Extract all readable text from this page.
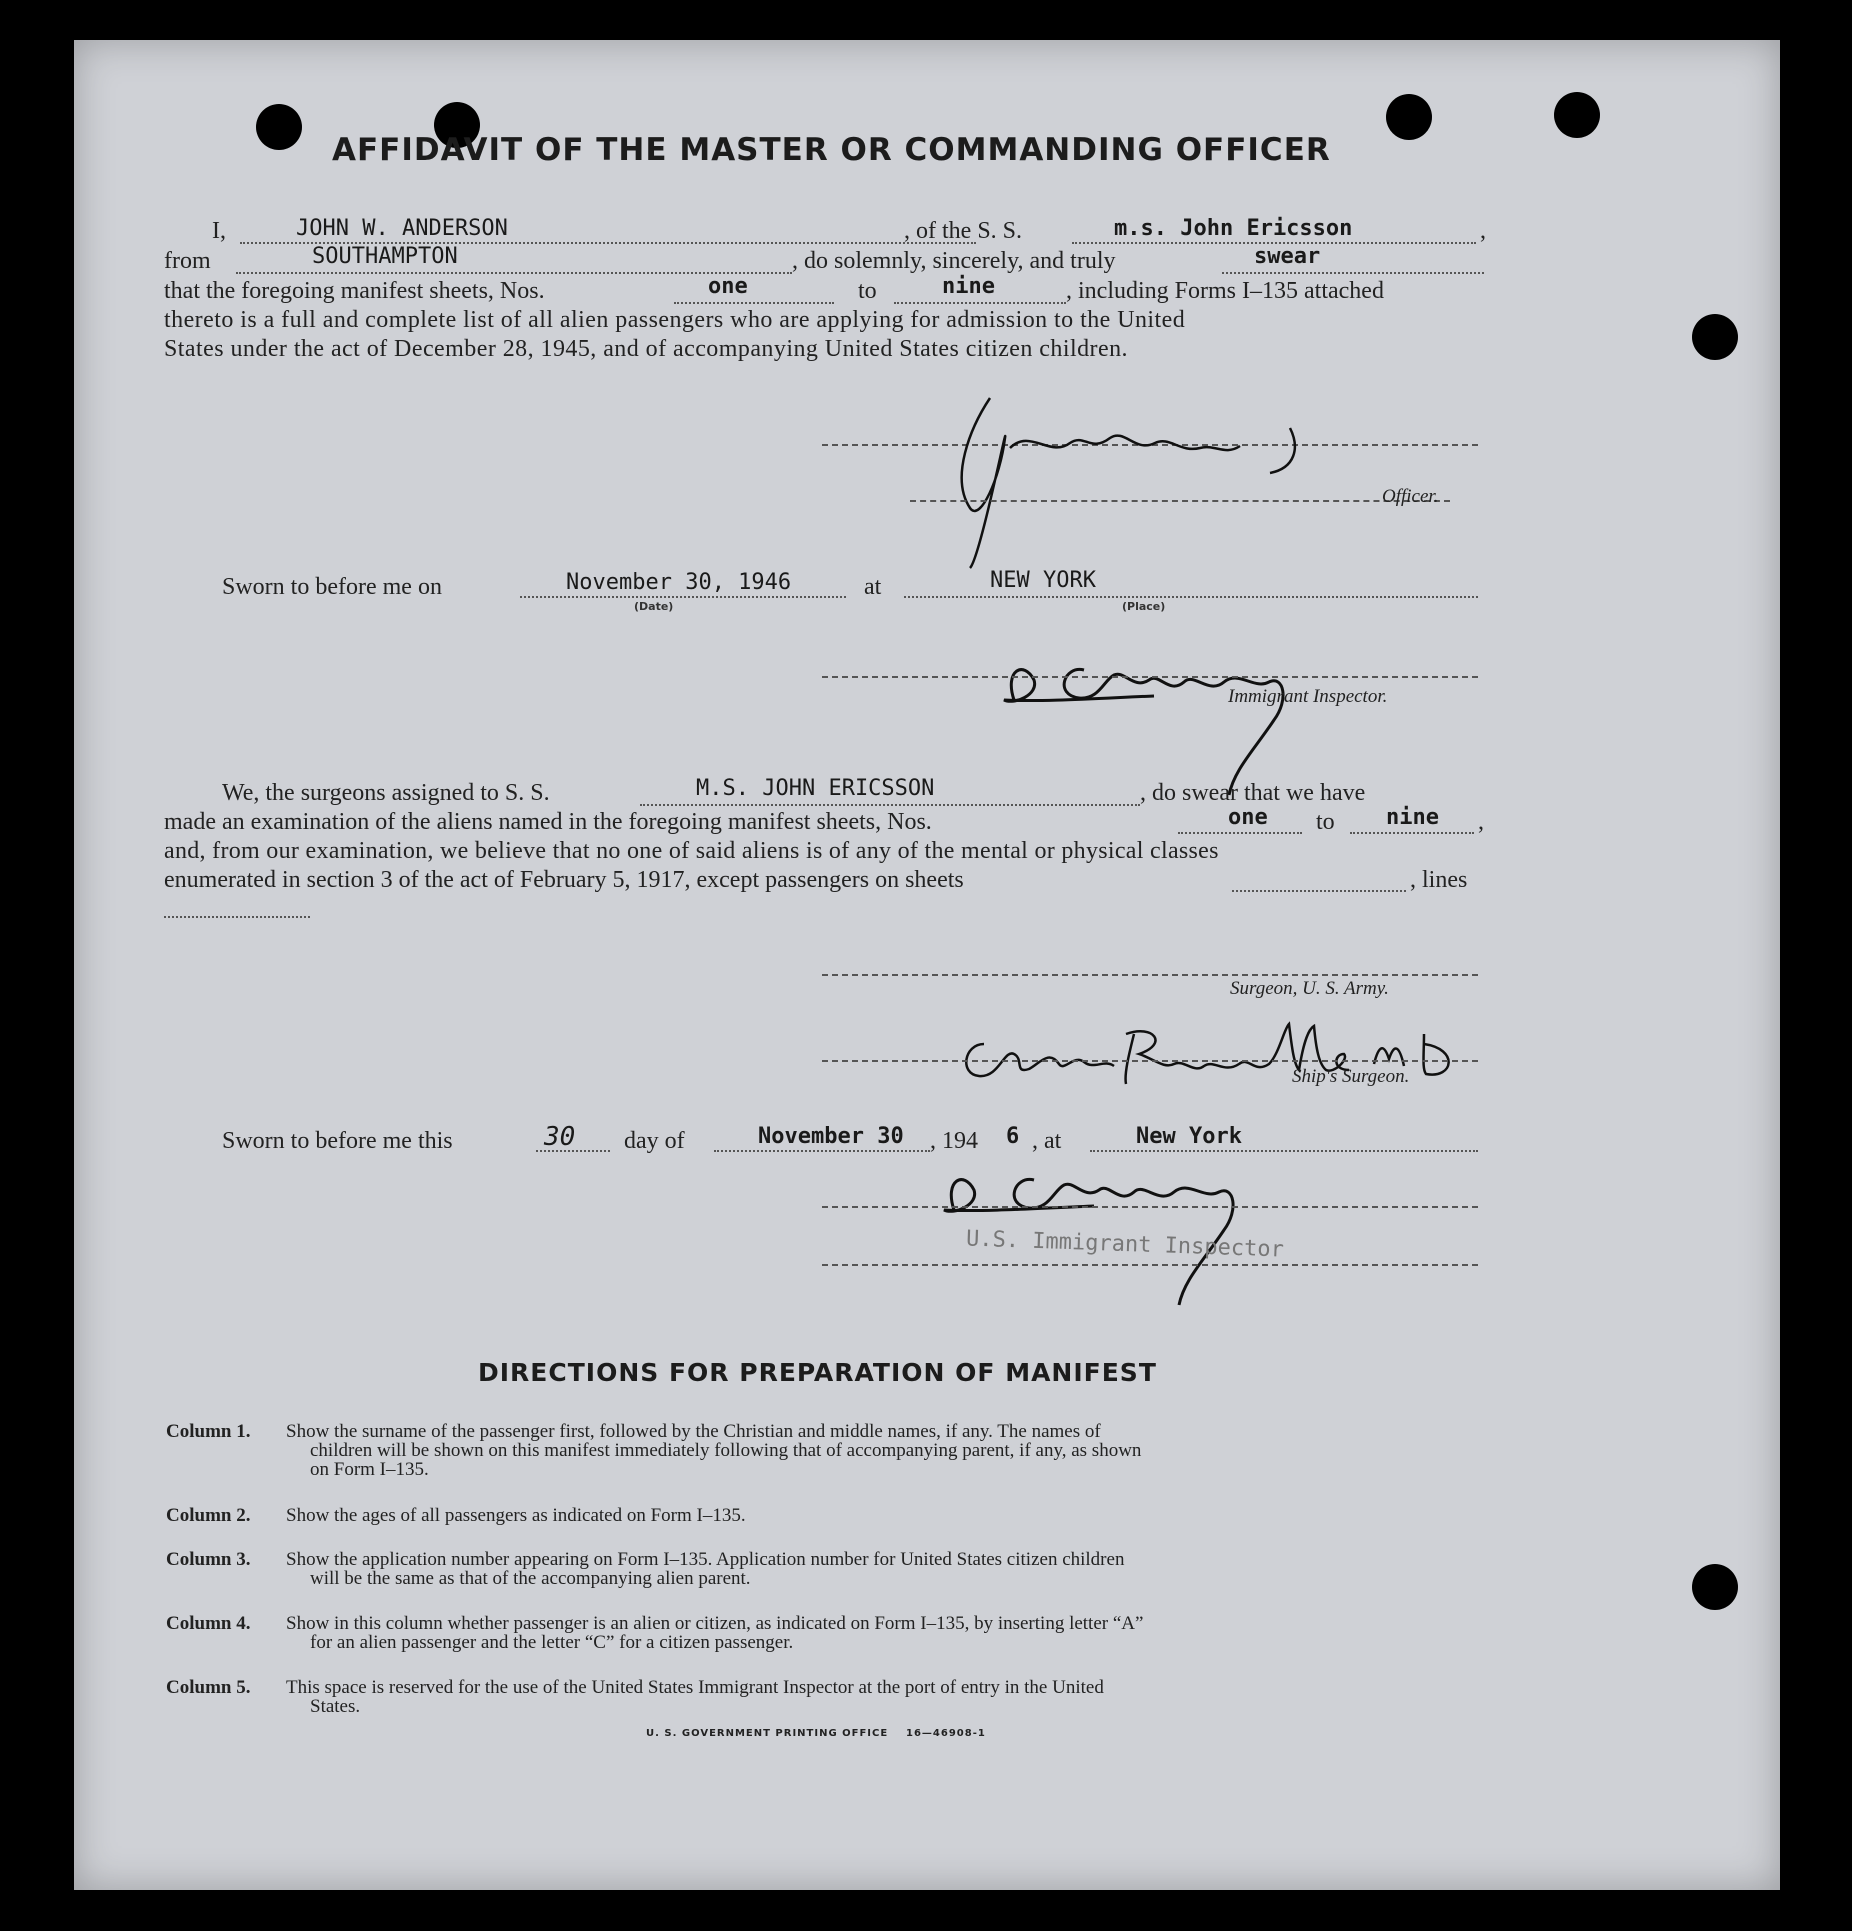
AFFIDAVIT OF THE MASTER OR COMMANDING OFFICER
I,	JOHN W. ANDERSON	, of the S. S.	m.s. John Ericsson	,
from	SOUTHAMPTON	, do solemnly, sincerely, and truly	swear
that the foregoing manifest sheets, Nos.	one	to	nine	, including Forms I–135 attached
thereto is a full and complete list of all alien passengers who are applying for admission to the United
States under the act of December 28, 1945, and of accompanying United States citizen children.
Officer.
Sworn to before me on	November 30, 1946
(Date)
at	NEW YORK
(Place)
Immigrant Inspector.
We, the surgeons assigned to S. S.	M.S. JOHN ERICSSON	, do swear that we have
made an examination of the aliens named in the foregoing manifest sheets, Nos.	one to nine ,
and, from our examination, we believe that no one of said aliens is of any of the mental or physical classes
enumerated in section 3 of the act of February 5, 1917, except passengers on sheets	, lines
Surgeon, U. S. Army.
Ship's Surgeon.
Sworn to before me this	30 day of	November 30 , 194 6 , at	New York
U.S. Immigrant Inspector
DIRECTIONS FOR PREPARATION OF MANIFEST
Column 1. Show the surname of the passenger first, followed by the Christian and middle names, if any. The names of
children will be shown on this manifest immediately following that of accompanying parent, if any, as shown
on Form I–135.
Column 2. Show the ages of all passengers as indicated on Form I–135.
Column 3. Show the application number appearing on Form I–135. Application number for United States citizen children
will be the same as that of the accompanying alien parent.
Column 4. Show in this column whether passenger is an alien or citizen, as indicated on Form I–135, by inserting letter “A”
for an alien passenger and the letter “C” for a citizen passenger.
Column 5. This space is reserved for the use of the United States Immigrant Inspector at the port of entry in the United
States.
U. S. GOVERNMENT PRINTING OFFICE 16—46908-1
